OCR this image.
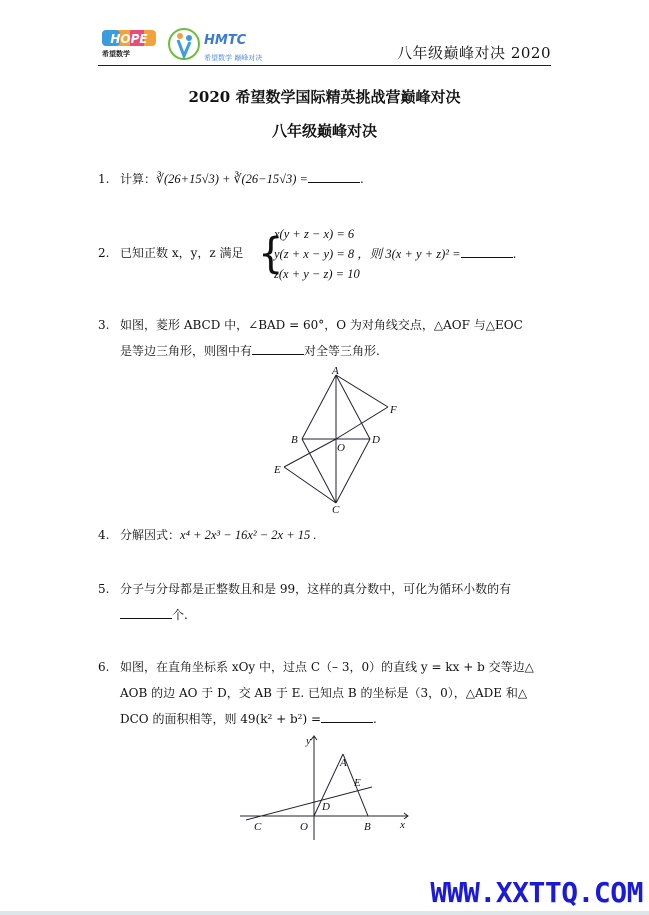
HOPE
希望数学
HMTC
希望数学 巅峰对决	八年级巅峰对决 2020
2020 希望数学国际精英挑战营巅峰对决
八年级巅峰对决
1. 计算：∛(26+15√3) + ∛(26−15√3) =	.
2. 已知正数 x，y，z 满足 {
x(y + z − x) = 6
y(z + x − y) = 8 ，则 3(x + y + z)² =	.
z(x + y − z) = 10
3. 如图，菱形 ABCD 中，∠BAD = 60°，O 为对角线交点，△AOF 与△EOC
是等边三角形，则图中有	对全等三角形.
A
F
B	D
O
E
C
4. 分解因式：x⁴ + 2x³ − 16x² − 2x + 15 .
5. 分子与分母都是正整数且和是 99，这样的真分数中，可化为循环小数的有
个.
6. 如图，在直角坐标系 xOy 中，过点 C（– 3，0）的直线 y = kx + b 交等边△
AOB 的边 AO 于 D，交 AB 于 E. 已知点 B 的坐标是（3，0），△ADE 和△
DCO 的面积相等，则 49(k² + b²) =	.
y
x
A
E
D
C	O	B
WWW.XXTTQ.COM
